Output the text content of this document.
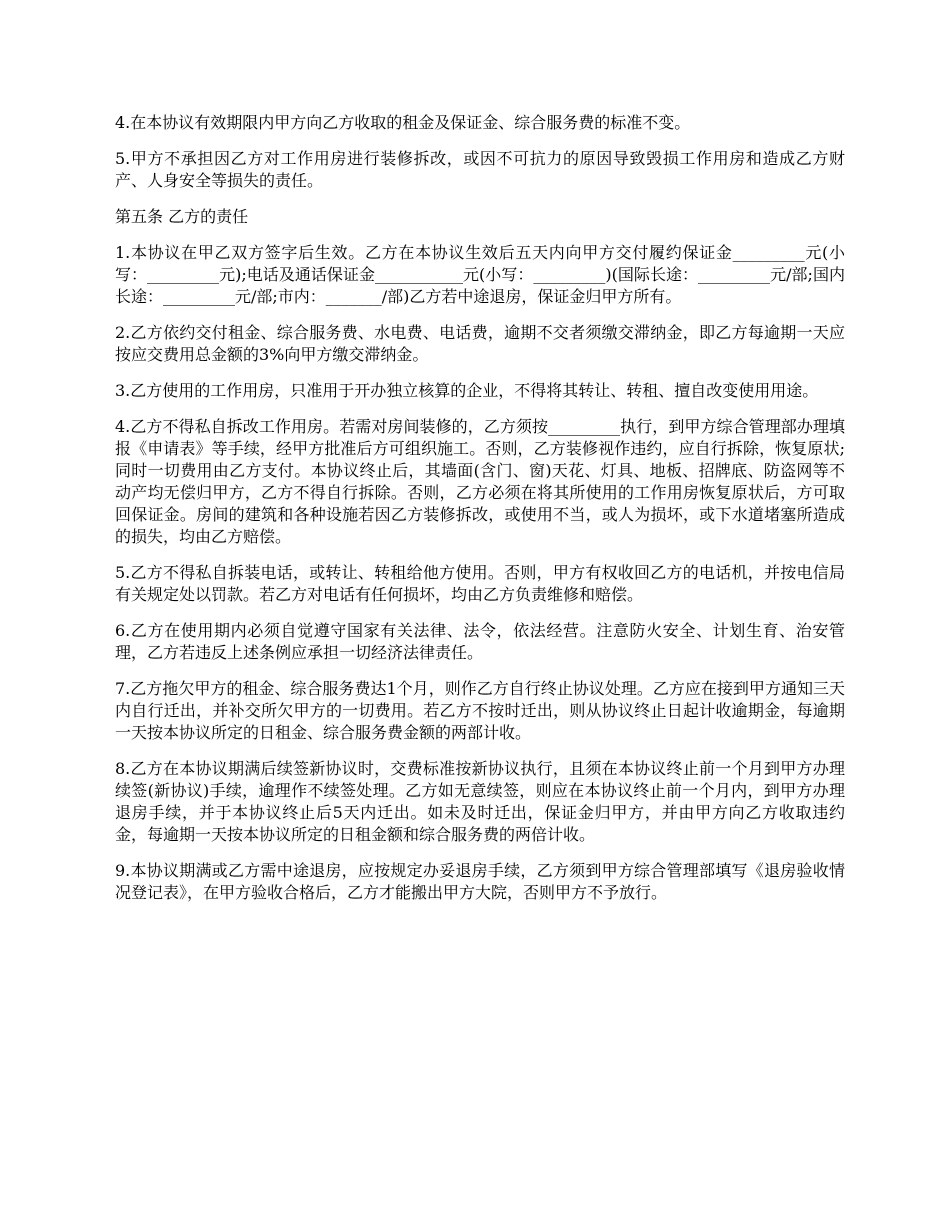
4.在本协议有效期限内甲方向乙方收取的租金及保证金、综合服务费的标准不变。

5.甲方不承担因乙方对工作用房进行装修拆改，或因不可抗力的原因导致毁损工作用房和造成乙方财产、人身安全等损失的责任。

第五条 乙方的责任

1.本协议在甲乙双方签字后生效。乙方在本协议生效后五天内向甲方交付履约保证金_________元(小写：_________元);电话及通话保证金___________元(小写：_________)(国际长途：_________元/部;国内长途：_________元/部;市内：_______/部)乙方若中途退房，保证金归甲方所有。

2.乙方依约交付租金、综合服务费、水电费、电话费，逾期不交者须缴交滞纳金，即乙方每逾期一天应按应交费用总金额的3%向甲方缴交滞纳金。

3.乙方使用的工作用房，只准用于开办独立核算的企业，不得将其转让、转租、擅自改变使用用途。

4.乙方不得私自拆改工作用房。若需对房间装修的，乙方须按_________执行，到甲方综合管理部办理填报《申请表》等手续，经甲方批准后方可组织施工。否则，乙方装修视作违约，应自行拆除，恢复原状;同时一切费用由乙方支付。本协议终止后，其墙面(含门、窗)天花、灯具、地板、招牌底、防盗网等不动产均无偿归甲方，乙方不得自行拆除。否则，乙方必须在将其所使用的工作用房恢复原状后，方可取回保证金。房间的建筑和各种设施若因乙方装修拆改，或使用不当，或人为损坏，或下水道堵塞所造成的损失，均由乙方赔偿。

5.乙方不得私自拆装电话，或转让、转租给他方使用。否则，甲方有权收回乙方的电话机，并按电信局有关规定处以罚款。若乙方对电话有任何损坏，均由乙方负责维修和赔偿。

6.乙方在使用期内必须自觉遵守国家有关法律、法令，依法经营。注意防火安全、计划生育、治安管理，乙方若违反上述条例应承担一切经济法律责任。

7.乙方拖欠甲方的租金、综合服务费达1个月，则作乙方自行终止协议处理。乙方应在接到甲方通知三天内自行迁出，并补交所欠甲方的一切费用。若乙方不按时迁出，则从协议终止日起计收逾期金，每逾期一天按本协议所定的日租金、综合服务费金额的两部计收。

8.乙方在本协议期满后续签新协议时，交费标准按新协议执行，且须在本协议终止前一个月到甲方办理续签(新协议)手续，逾理作不续签处理。乙方如无意续签，则应在本协议终止前一个月内，到甲方办理退房手续，并于本协议终止后5天内迁出。如未及时迁出，保证金归甲方，并由甲方向乙方收取违约金，每逾期一天按本协议所定的日租金额和综合服务费的两倍计收。

9.本协议期满或乙方需中途退房，应按规定办妥退房手续，乙方须到甲方综合管理部填写《退房验收情况登记表》，在甲方验收合格后，乙方才能搬出甲方大院，否则甲方不予放行。
